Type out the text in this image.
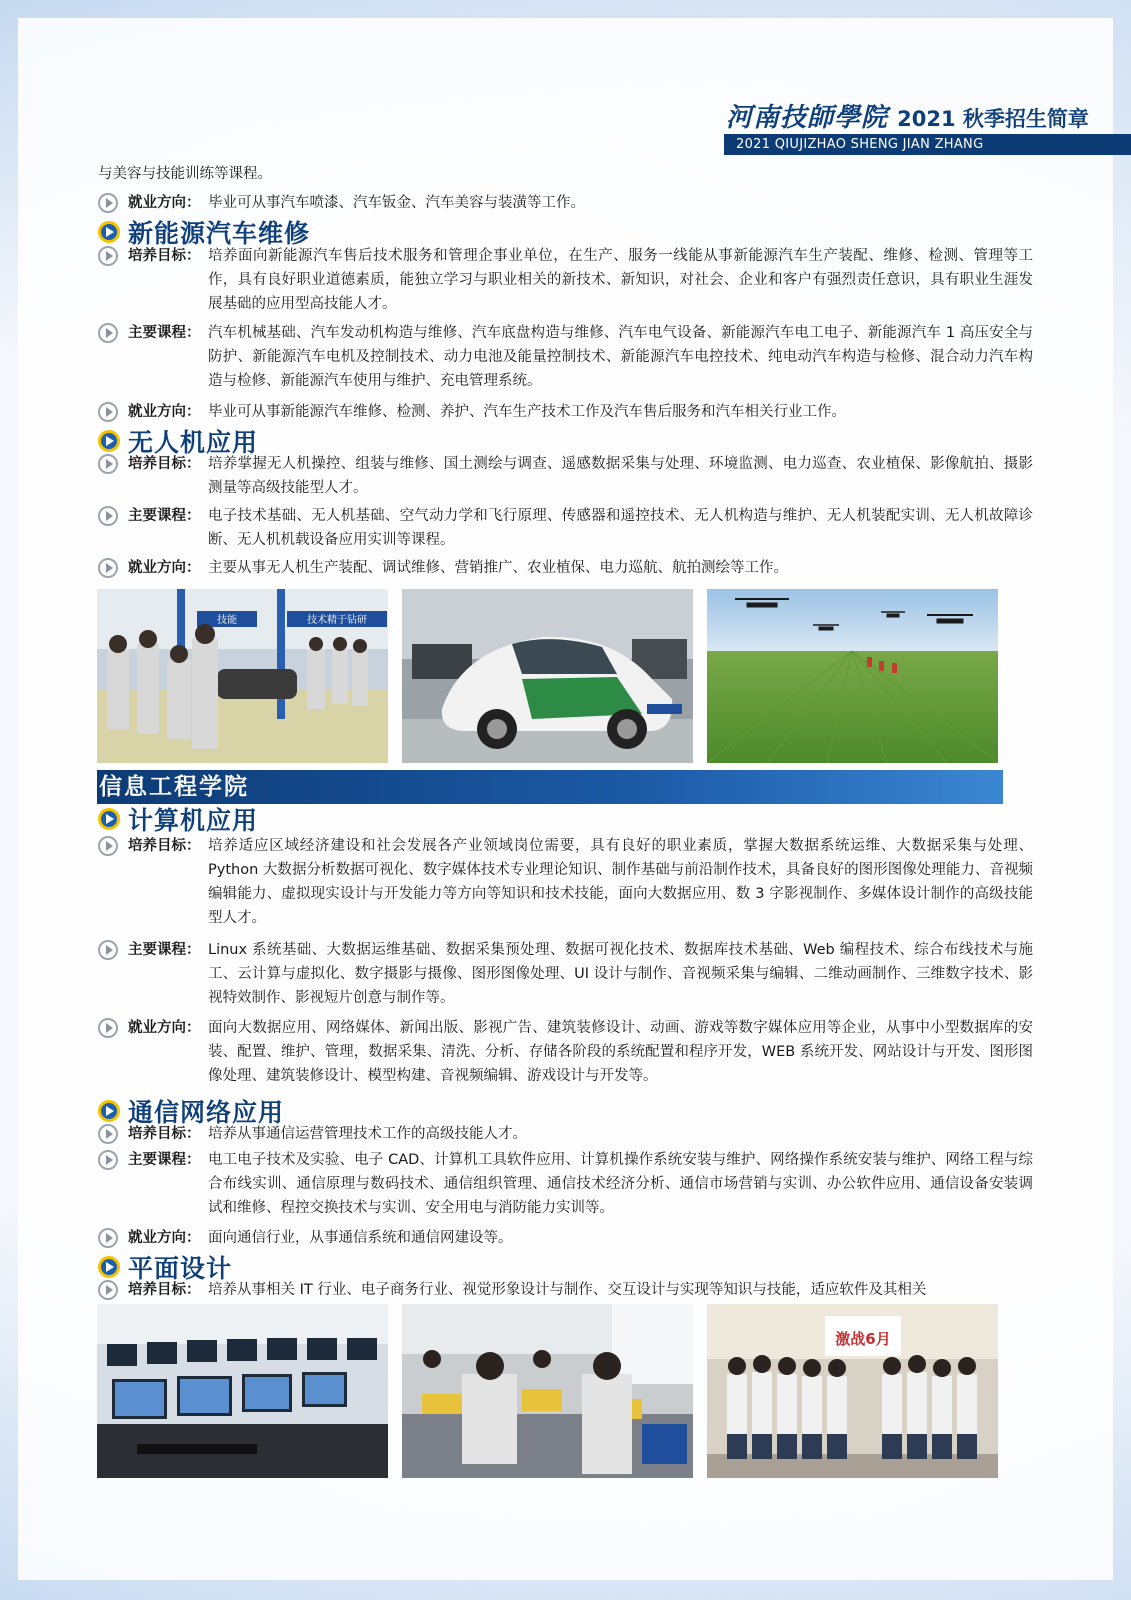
河南技師學院 2021 秋季招生简章
2021 QIUJIZHAO SHENG JIAN ZHANG
与美容与技能训练等课程。
就业方向： 毕业可从事汽车喷漆、汽车钣金、汽车美容与装潢等工作。
新能源汽车维修
培养目标： 培养面向新能源汽车售后技术服务和管理企事业单位，在生产、服务一线能从事新能源汽车生产装配、维修、检测、管理等工作，具有良好职业道德素质，能独立学习与职业相关的新技术、新知识，对社会、企业和客户有强烈责任意识，具有职业生涯发展基础的应用型高技能人才。
主要课程： 汽车机械基础、汽车发动机构造与维修、汽车底盘构造与维修、汽车电气设备、新能源汽车电工电子、新能源汽车 1 高压安全与防护、新能源汽车电机及控制技术、动力电池及能量控制技术、新能源汽车电控技术、纯电动汽车构造与检修、混合动力汽车构造与检修、新能源汽车使用与维护、充电管理系统。
就业方向： 毕业可从事新能源汽车维修、检测、养护、汽车生产技术工作及汽车售后服务和汽车相关行业工作。
无人机应用
培养目标： 培养掌握无人机操控、组装与维修、国土测绘与调查、遥感数据采集与处理、环境监测、电力巡查、农业植保、影像航拍、摄影测量等高级技能型人才。
主要课程： 电子技术基础、无人机基础、空气动力学和飞行原理、传感器和遥控技术、无人机构造与维护、无人机装配实训、无人机故障诊断、无人机机载设备应用实训等课程。
就业方向： 主要从事无人机生产装配、调试维修、营销推广、农业植保、电力巡航、航拍测绘等工作。
技能	技术精于钻研
信息工程学院
计算机应用
培养目标： 培养适应区域经济建设和社会发展各产业领域岗位需要，具有良好的职业素质，掌握大数据系统运维、大数据采集与处理、Python 大数据分析数据可视化、数字媒体技术专业理论知识、制作基础与前沿制作技术，具备良好的图形图像处理能力、音视频编辑能力、虚拟现实设计与开发能力等方向等知识和技术技能，面向大数据应用、数 3 字影视制作、多媒体设计制作的高级技能型人才。
主要课程： Linux 系统基础、大数据运维基础、数据采集预处理、数据可视化技术、数据库技术基础、Web 编程技术、综合布线技术与施工、云计算与虚拟化、数字摄影与摄像、图形图像处理、UI 设计与制作、音视频采集与编辑、二维动画制作、三维数字技术、影视特效制作、影视短片创意与制作等。
就业方向： 面向大数据应用、网络媒体、新闻出版、影视广告、建筑装修设计、动画、游戏等数字媒体应用等企业，从事中小型数据库的安装、配置、维护、管理，数据采集、清洗、分析、存储各阶段的系统配置和程序开发，WEB 系统开发、网站设计与开发、图形图像处理、建筑装修设计、模型构建、音视频编辑、游戏设计与开发等。
通信网络应用
培养目标： 培养从事通信运营管理技术工作的高级技能人才。
主要课程： 电工电子技术及实验、电子 CAD、计算机工具软件应用、计算机操作系统安装与维护、网络操作系统安装与维护、网络工程与综合布线实训、通信原理与数码技术、通信组织管理、通信技术经济分析、通信市场营销与实训、办公软件应用、通信设备安装调试和维修、程控交换技术与实训、安全用电与消防能力实训等。
就业方向： 面向通信行业，从事通信系统和通信网建设等。
平面设计
培养目标： 培养从事相关 IT 行业、电子商务行业、视觉形象设计与制作、交互设计与实现等知识与技能，适应软件及其相关
激战6月
